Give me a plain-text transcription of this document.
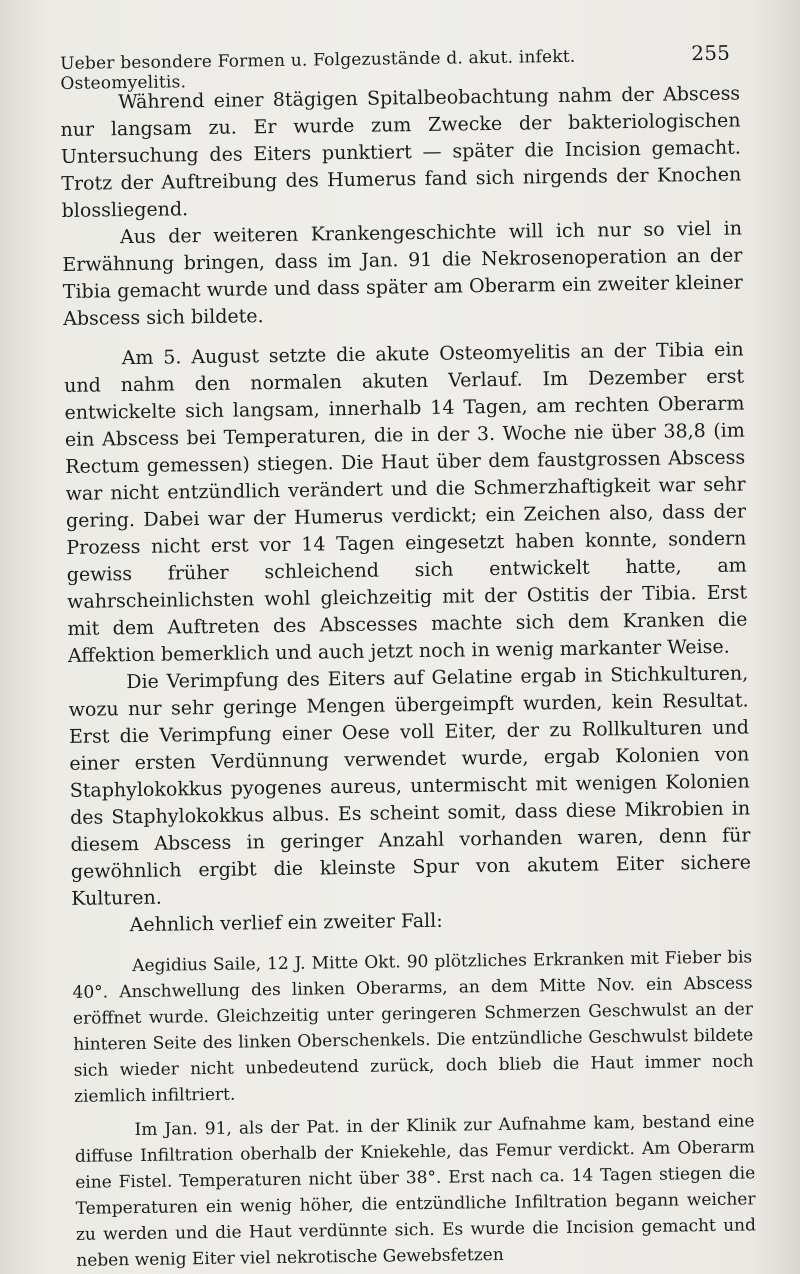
Ueber besondere Formen u. Folgezustände d. akut. infekt. Osteomyelitis.
255

Während einer 8tägigen Spitalbeobachtung nahm der Abscess nur langsam zu. Er wurde zum Zwecke der bakteriologischen Untersuchung des Eiters punktiert — später die Incision gemacht. Trotz der Auftreibung des Humerus fand sich nirgends der Knochen blossliegend.

Aus der weiteren Krankengeschichte will ich nur so viel in Erwähnung bringen, dass im Jan. 91 die Nekrosenoperation an der Tibia gemacht wurde und dass später am Oberarm ein zweiter kleiner Abscess sich bildete.

Am 5. August setzte die akute Osteomyelitis an der Tibia ein und nahm den normalen akuten Verlauf. Im Dezember erst entwickelte sich langsam, innerhalb 14 Tagen, am rechten Oberarm ein Abscess bei Temperaturen, die in der 3. Woche nie über 38,8 (im Rectum gemessen) stiegen. Die Haut über dem faustgrossen Abscess war nicht entzündlich verändert und die Schmerzhaftigkeit war sehr gering. Dabei war der Humerus verdickt; ein Zeichen also, dass der Prozess nicht erst vor 14 Tagen eingesetzt haben konnte, sondern gewiss früher schleichend sich entwickelt hatte, am wahrscheinlichsten wohl gleichzeitig mit der Ostitis der Tibia. Erst mit dem Auftreten des Abscesses machte sich dem Kranken die Affektion bemerklich und auch jetzt noch in wenig markanter Weise.

Die Verimpfung des Eiters auf Gelatine ergab in Stichkulturen, wozu nur sehr geringe Mengen übergeimpft wurden, kein Resultat. Erst die Verimpfung einer Oese voll Eiter, der zu Rollkulturen und einer ersten Verdünnung verwendet wurde, ergab Kolonien von Staphylokokkus pyogenes aureus, untermischt mit wenigen Kolonien des Staphylokokkus albus. Es scheint somit, dass diese Mikrobien in diesem Abscess in geringer Anzahl vorhanden waren, denn für gewöhnlich ergibt die kleinste Spur von akutem Eiter sichere Kulturen.

Aehnlich verlief ein zweiter Fall:

Aegidius Saile, 12 J. Mitte Okt. 90 plötzliches Erkranken mit Fieber bis 40°. Anschwellung des linken Oberarms, an dem Mitte Nov. ein Abscess eröffnet wurde. Gleichzeitig unter geringeren Schmerzen Geschwulst an der hinteren Seite des linken Oberschenkels. Die entzündliche Geschwulst bildete sich wieder nicht unbedeutend zurück, doch blieb die Haut immer noch ziemlich infiltriert.

Im Jan. 91, als der Pat. in der Klinik zur Aufnahme kam, bestand eine diffuse Infiltration oberhalb der Kniekehle, das Femur verdickt. Am Oberarm eine Fistel. Temperaturen nicht über 38°. Erst nach ca. 14 Tagen stiegen die Temperaturen ein wenig höher, die entzündliche Infiltration begann weicher zu werden und die Haut verdünnte sich. Es wurde die Incision gemacht und neben wenig Eiter viel nekrotische Gewebsfetzen
